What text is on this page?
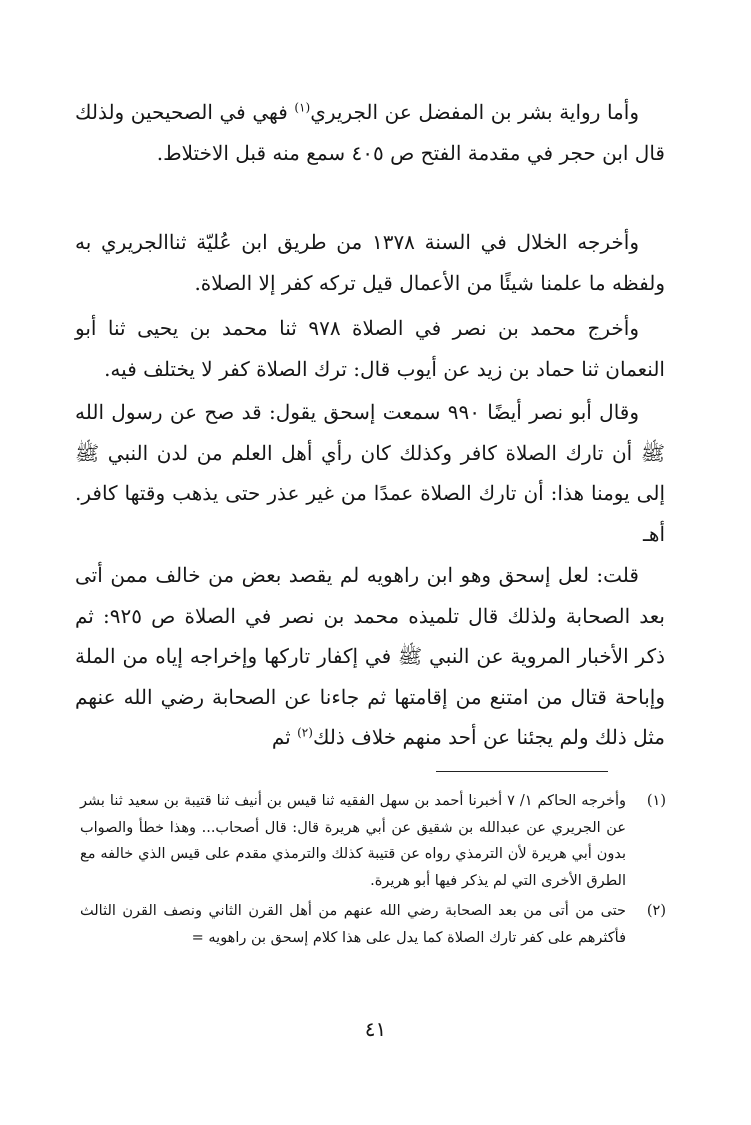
وأما رواية بشر بن المفضل عن الجريري$^{(١)}$ فهي في الصحيحين ولذلك قال ابن حجر في مقدمة الفتح ص ٤٠٥ سمع منه قبل الاختلاط.

وأخرجه الخلال في السنة ١٣٧٨ من طريق ابن عُليّة ثناالجريري به ولفظه ما علمنا شيئًا من الأعمال قيل تركه كفر إلا الصلاة.

وأخرج محمد بن نصر في الصلاة ٩٧٨ ثنا محمد بن يحيى ثنا أبو النعمان ثنا حماد بن زيد عن أيوب قال: ترك الصلاة كفر لا يختلف فيه.

وقال أبو نصر أيضًا ٩٩٠ سمعت إسحق يقول: قد صح عن رسول الله ﷺ أن تارك الصلاة كافر وكذلك كان رأي أهل العلم من لدن النبي ﷺ إلى يومنا هذا: أن تارك الصلاة عمدًا من غير عذر حتى يذهب وقتها كافر. أهـ

قلت: لعل إسحق وهو ابن راهويه لم يقصد بعض من خالف ممن أتى بعد الصحابة ولذلك قال تلميذه محمد بن نصر في الصلاة ص ٩٢٥: ثم ذكر الأخبار المروية عن النبي ﷺ في إكفار تاركها وإخراجه إياه من الملة وإباحة قتال من امتنع من إقامتها ثم جاءنا عن الصحابة رضي الله عنهم مثل ذلك ولم يجئنا عن أحد منهم خلاف ذلك$^{(٢)}$ ثم

(١)
وأخرجه الحاكم ١/ ٧ أخبرنا أحمد بن سهل الفقيه ثنا قيس بن أنيف ثنا قتيبة بن سعيد ثنا بشر عن الجريري عن عبدالله بن شقيق عن أبي هريرة قال: قال أصحاب... وهذا خطأ والصواب بدون أبي هريرة لأن الترمذي رواه عن قتيبة كذلك والترمذي مقدم على قيس الذي خالفه مع الطرق الأخرى التي لم يذكر فيها أبو هريرة.

(٢)
حتى من أتى من بعد الصحابة رضي الله عنهم من أهل القرن الثاني ونصف القرن الثالث فأكثرهم على كفر تارك الصلاة كما يدل على هذا كلام إسحق بن راهويه =

٤١
